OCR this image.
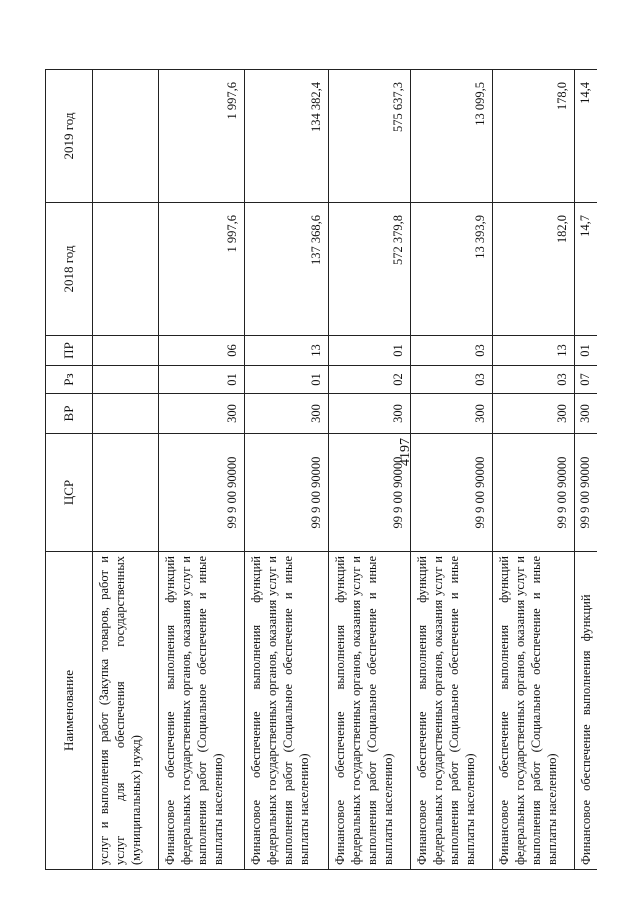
4197
Наименование	ЦСР	ВР	Рз	ПР	2018 год	2019 год
услуг и выполнения работ (Закупка товаров, работ и услуг для обеспечения государственных (муниципальных) нужд)						
Финансовое обеспечение выполнения функций федеральных государственных органов, оказания услуг и выполнения работ (Социальное обеспечение и иные выплаты населению)	99 9 00 90000	300	01	06	1 997,6	1 997,6
Финансовое обеспечение выполнения функций федеральных государственных органов, оказания услуг и выполнения работ (Социальное обеспечение и иные выплаты населению)	99 9 00 90000	300	01	13	137 368,6	134 382,4
Финансовое обеспечение выполнения функций федеральных государственных органов, оказания услуг и выполнения работ (Социальное обеспечение и иные выплаты населению)	99 9 00 90000	300	02	01	572 379,8	575 637,3
Финансовое обеспечение выполнения функций федеральных государственных органов, оказания услуг и выполнения работ (Социальное обеспечение и иные выплаты населению)	99 9 00 90000	300	03	03	13 393,9	13 099,5
Финансовое обеспечение выполнения функций федеральных государственных органов, оказания услуг и выполнения работ (Социальное обеспечение и иные выплаты населению)	99 9 00 90000	300	03	13	182,0	178,0
Финансовое обеспечение выполнения функций	99 9 00 90000	300	07	01	14,7	14,4
